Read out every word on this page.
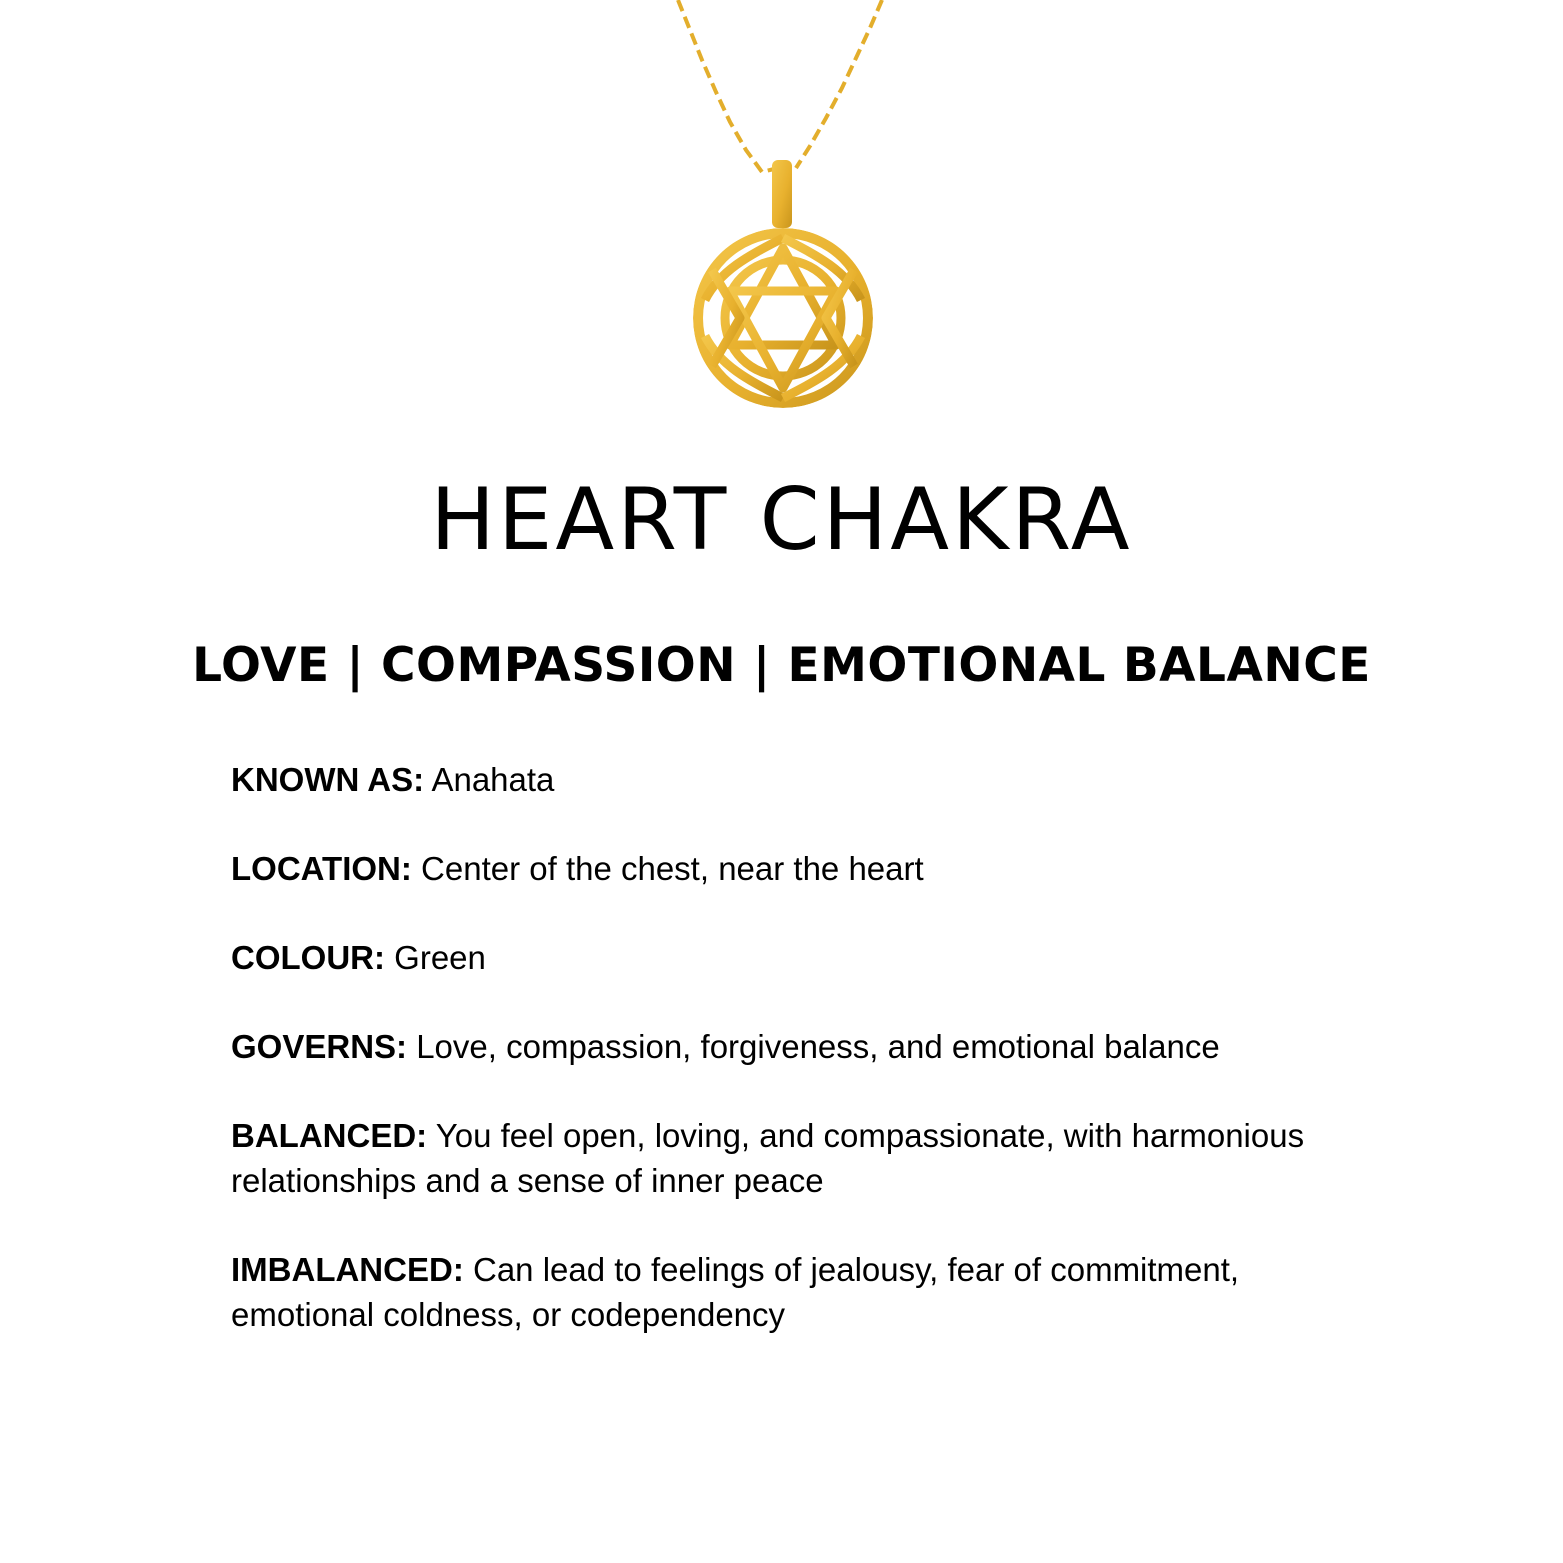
HEART CHAKRA
LOVE | COMPASSION | EMOTIONAL BALANCE

KNOWN AS: Anahata

LOCATION: Center of the chest, near the heart

COLOUR: Green

GOVERNS: Love, compassion, forgiveness, and emotional balance

BALANCED: You feel open, loving, and compassionate, with harmonious relationships and a sense of inner peace

IMBALANCED: Can lead to feelings of jealousy, fear of commitment, emotional coldness, or codependency
